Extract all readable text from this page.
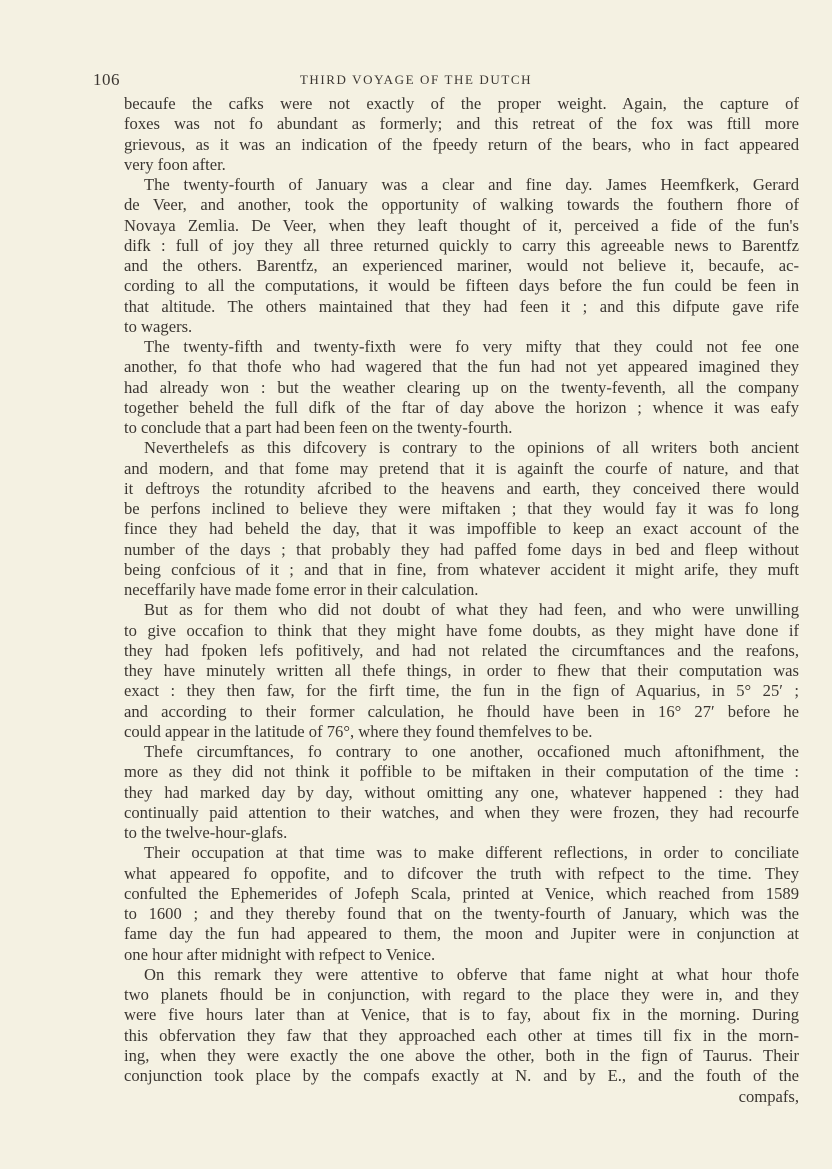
106	THIRD VOYAGE OF THE DUTCH
becaufe the cafks were not exactly of the proper weight. Again, the capture of
foxes was not fo abundant as formerly; and this retreat of the fox was ftill more
grievous, as it was an indication of the fpeedy return of the bears, who in fact appeared
very foon after.
The twenty-fourth of January was a clear and fine day. James Heemfkerk, Gerard
de Veer, and another, took the opportunity of walking towards the fouthern fhore of
Novaya Zemlia. De Veer, when they leaft thought of it, perceived a fide of the fun's
difk : full of joy they all three returned quickly to carry this agreeable news to Barentfz
and the others. Barentfz, an experienced mariner, would not believe it, becaufe, ac-
cording to all the computations, it would be fifteen days before the fun could be feen in
that altitude. The others maintained that they had feen it ; and this difpute gave rife
to wagers.
The twenty-fifth and twenty-fixth were fo very mifty that they could not fee one
another, fo that thofe who had wagered that the fun had not yet appeared imagined they
had already won : but the weather clearing up on the twenty-feventh, all the company
together beheld the full difk of the ftar of day above the horizon ; whence it was eafy
to conclude that a part had been feen on the twenty-fourth.
Neverthelefs as this difcovery is contrary to the opinions of all writers both ancient
and modern, and that fome may pretend that it is againft the courfe of nature, and that
it deftroys the rotundity afcribed to the heavens and earth, they conceived there would
be perfons inclined to believe they were miftaken ; that they would fay it was fo long
fince they had beheld the day, that it was impoffible to keep an exact account of the
number of the days ; that probably they had paffed fome days in bed and fleep without
being confcious of it ; and that in fine, from whatever accident it might arife, they muft
neceffarily have made fome error in their calculation.
But as for them who did not doubt of what they had feen, and who were unwilling
to give occafion to think that they might have fome doubts, as they might have done if
they had fpoken lefs pofitively, and had not related the circumftances and the reafons,
they have minutely written all thefe things, in order to fhew that their computation was
exact : they then faw, for the firft time, the fun in the fign of Aquarius, in 5° 25′ ;
and according to their former calculation, he fhould have been in 16° 27′ before he
could appear in the latitude of 76°, where they found themfelves to be.
Thefe circumftances, fo contrary to one another, occafioned much aftonifhment, the
more as they did not think it poffible to be miftaken in their computation of the time :
they had marked day by day, without omitting any one, whatever happened : they had
continually paid attention to their watches, and when they were frozen, they had recourfe
to the twelve-hour-glafs.
Their occupation at that time was to make different reflections, in order to conciliate
what appeared fo oppofite, and to difcover the truth with refpect to the time. They
confulted the Ephemerides of Jofeph Scala, printed at Venice, which reached from 1589
to 1600 ; and they thereby found that on the twenty-fourth of January, which was the
fame day the fun had appeared to them, the moon and Jupiter were in conjunction at
one hour after midnight with refpect to Venice.
On this remark they were attentive to obferve that fame night at what hour thofe
two planets fhould be in conjunction, with regard to the place they were in, and they
were five hours later than at Venice, that is to fay, about fix in the morning. During
this obfervation they faw that they approached each other at times till fix in the morn-
ing, when they were exactly the one above the other, both in the fign of Taurus. Their
conjunction took place by the compafs exactly at N. and by E., and the fouth of the
compafs,
